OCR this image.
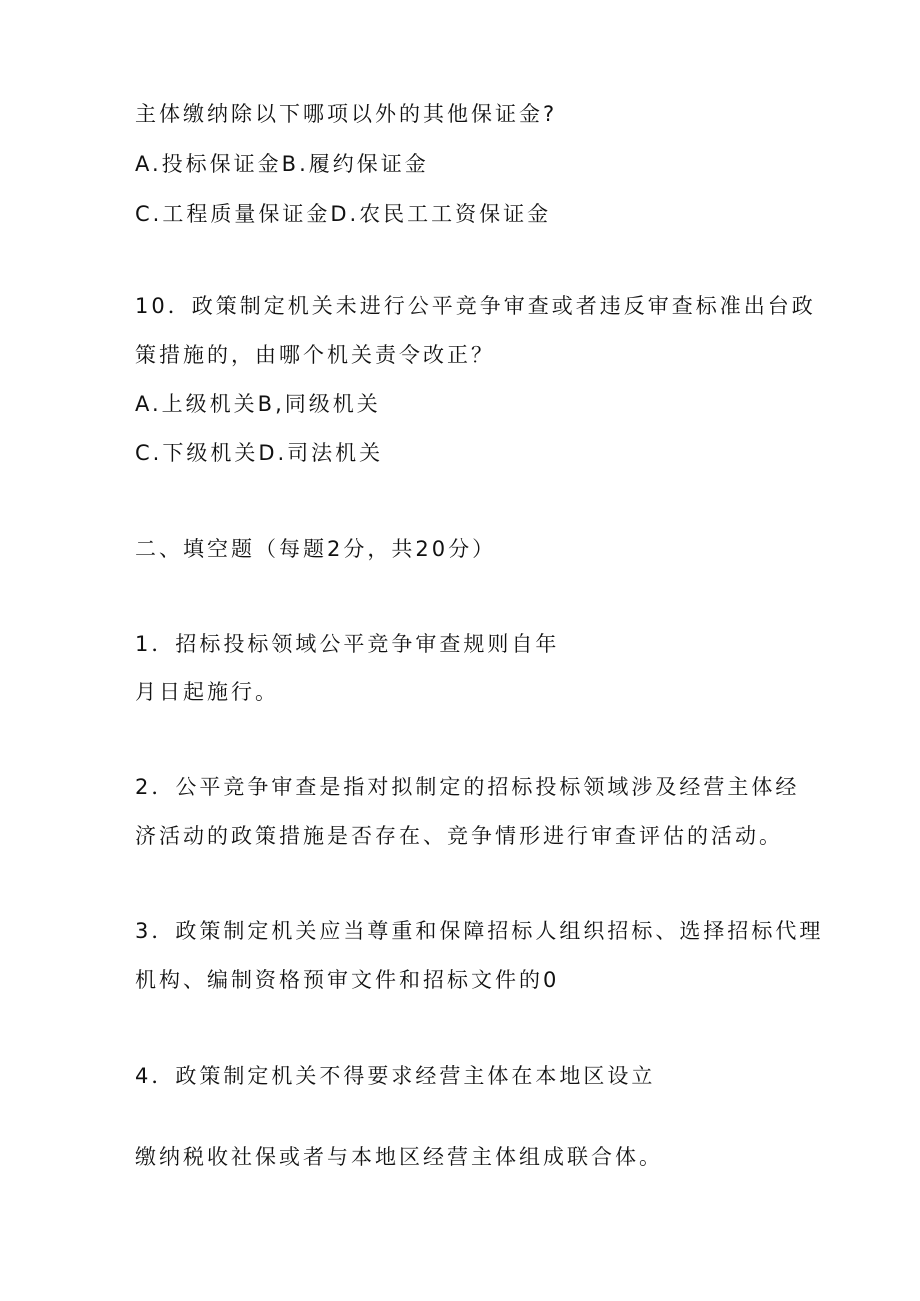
主体缴纳除以下哪项以外的其他保证金?
A.投标保证金B.履约保证金
C.工程质量保证金D.农民工工资保证金
10．政策制定机关未进行公平竞争审查或者违反审查标准出台政
策措施的，由哪个机关责令改正？
A.上级机关B,同级机关
C.下级机关D.司法机关
二、填空题（每题2分，共20分）
1．招标投标领域公平竞争审查规则自年
月日起施行。
2．公平竞争审查是指对拟制定的招标投标领域涉及经营主体经
济活动的政策措施是否存在、竞争情形进行审查评估的活动。
3．政策制定机关应当尊重和保障招标人组织招标、选择招标代理
机构、编制资格预审文件和招标文件的0
4．政策制定机关不得要求经营主体在本地区设立
缴纳税收社保或者与本地区经营主体组成联合体。
